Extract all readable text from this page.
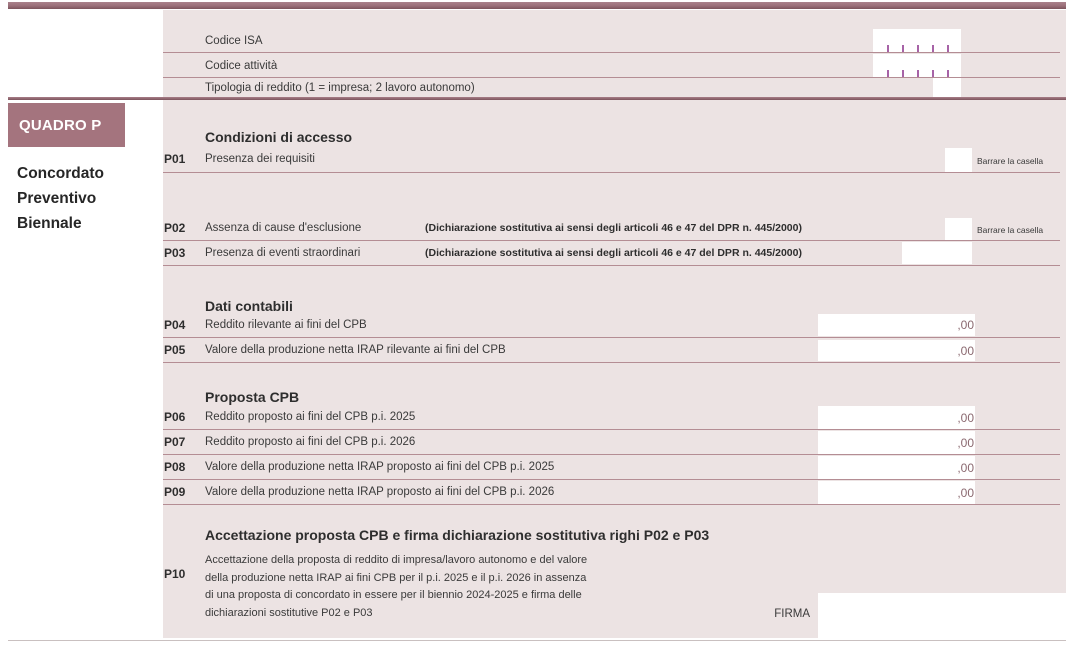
Codice ISA
Codice attività
Tipologia di reddito (1 = impresa; 2 lavoro autonomo)
QUADRO P
Concordato
Preventivo
Biennale
Condizioni di accesso
P01	Presenza dei requisiti	Barrare la casella
P02	Assenza di cause d'esclusione	(Dichiarazione sostitutiva ai sensi degli articoli 46 e 47 del DPR n. 445/2000)	Barrare la casella
P03	Presenza di eventi straordinari	(Dichiarazione sostitutiva ai sensi degli articoli 46 e 47 del DPR n. 445/2000)
Dati contabili
P04	Reddito rilevante ai fini del CPB	,00
P05	Valore della produzione netta IRAP rilevante ai fini del CPB	,00
Proposta CPB
P06	Reddito proposto ai fini del CPB p.i. 2025	,00
P07	Reddito proposto ai fini del CPB p.i. 2026	,00
P08	Valore della produzione netta IRAP proposto ai fini del CPB p.i. 2025	,00
P09	Valore della produzione netta IRAP proposto ai fini del CPB p.i. 2026	,00
Accettazione proposta CPB e firma dichiarazione sostitutiva righi P02 e P03
P10
Accettazione della proposta di reddito di impresa/lavoro autonomo e del valore
della produzione netta IRAP ai fini CPB per il p.i. 2025 e il p.i. 2026 in assenza
di una proposta di concordato in essere per il biennio 2024-2025 e firma delle
dichiarazioni sostitutive P02 e P03	FIRMA
